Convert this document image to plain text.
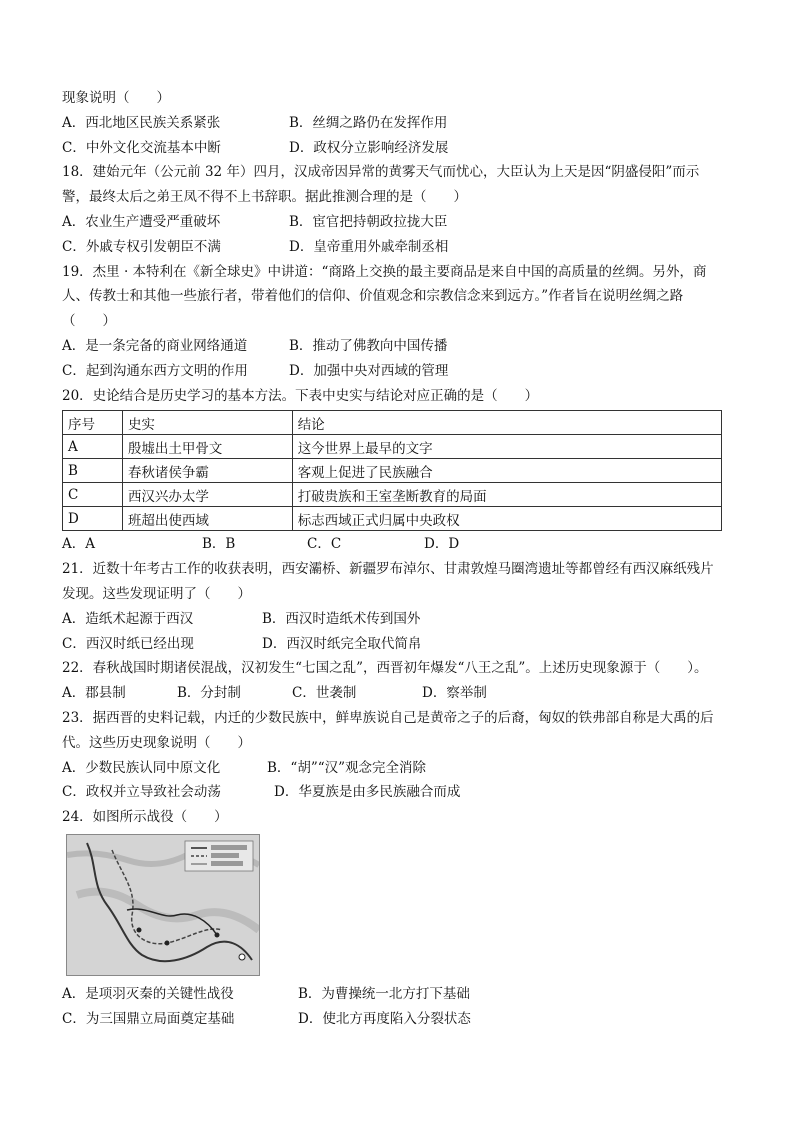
现象说明（　　）
A．西北地区民族关系紧张	B．丝绸之路仍在发挥作用
C．中外文化交流基本中断	D．政权分立影响经济发展
18．建始元年（公元前 32 年）四月，汉成帝因异常的黄雾天气而忧心，大臣认为上天是因“阴盛侵阳”而示
警，最终太后之弟王凤不得不上书辞职。据此推测合理的是（　　）
A．农业生产遭受严重破坏	B．宦官把持朝政拉拢大臣
C．外戚专权引发朝臣不满	D．皇帝重用外戚牵制丞相
19．杰里 · 本特利在《新全球史》中讲道：“商路上交换的最主要商品是来自中国的高质量的丝绸。另外，商
人、传教士和其他一些旅行者，带着他们的信仰、价值观念和宗教信念来到远方。”作者旨在说明丝绸之路
（　　）
A．是一条完备的商业网络通道	B．推动了佛教向中国传播
C．起到沟通东西方文明的作用	D．加强中央对西域的管理
20．史论结合是历史学习的基本方法。下表中史实与结论对应正确的是（　　）
序号	史实	结论
A	殷墟出土甲骨文	这今世界上最早的文字
B	春秋诸侯争霸	客观上促进了民族融合
C	西汉兴办太学	打破贵族和王室垄断教育的局面
D	班超出使西域	标志西域正式归属中央政权
A．A	B．B	C．C	D．D
21．近数十年考古工作的收获表明，西安灞桥、新疆罗布淖尔、甘肃敦煌马圈湾遗址等都曾经有西汉麻纸残片
发现。这些发现证明了（　　）
A．造纸术起源于西汉	B．西汉时造纸术传到国外
C．西汉时纸已经出现	D．西汉时纸完全取代简帛
22．春秋战国时期诸侯混战，汉初发生“七国之乱”，西晋初年爆发“八王之乱”。上述历史现象源于（　　）。
A．郡县制	B．分封制	C．世袭制	D．察举制
23．据西晋的史料记载，内迁的少数民族中，鲜卑族说自己是黄帝之子的后裔，匈奴的铁弗部自称是大禹的后
代。这些历史现象说明（　　）
A．少数民族认同中原文化	B．“胡”“汉”观念完全消除
C．政权并立导致社会动荡	D．华夏族是由多民族融合而成
24．如图所示战役（　　）
A．是项羽灭秦的关键性战役	B．为曹操统一北方打下基础
C．为三国鼎立局面奠定基础	D．使北方再度陷入分裂状态
